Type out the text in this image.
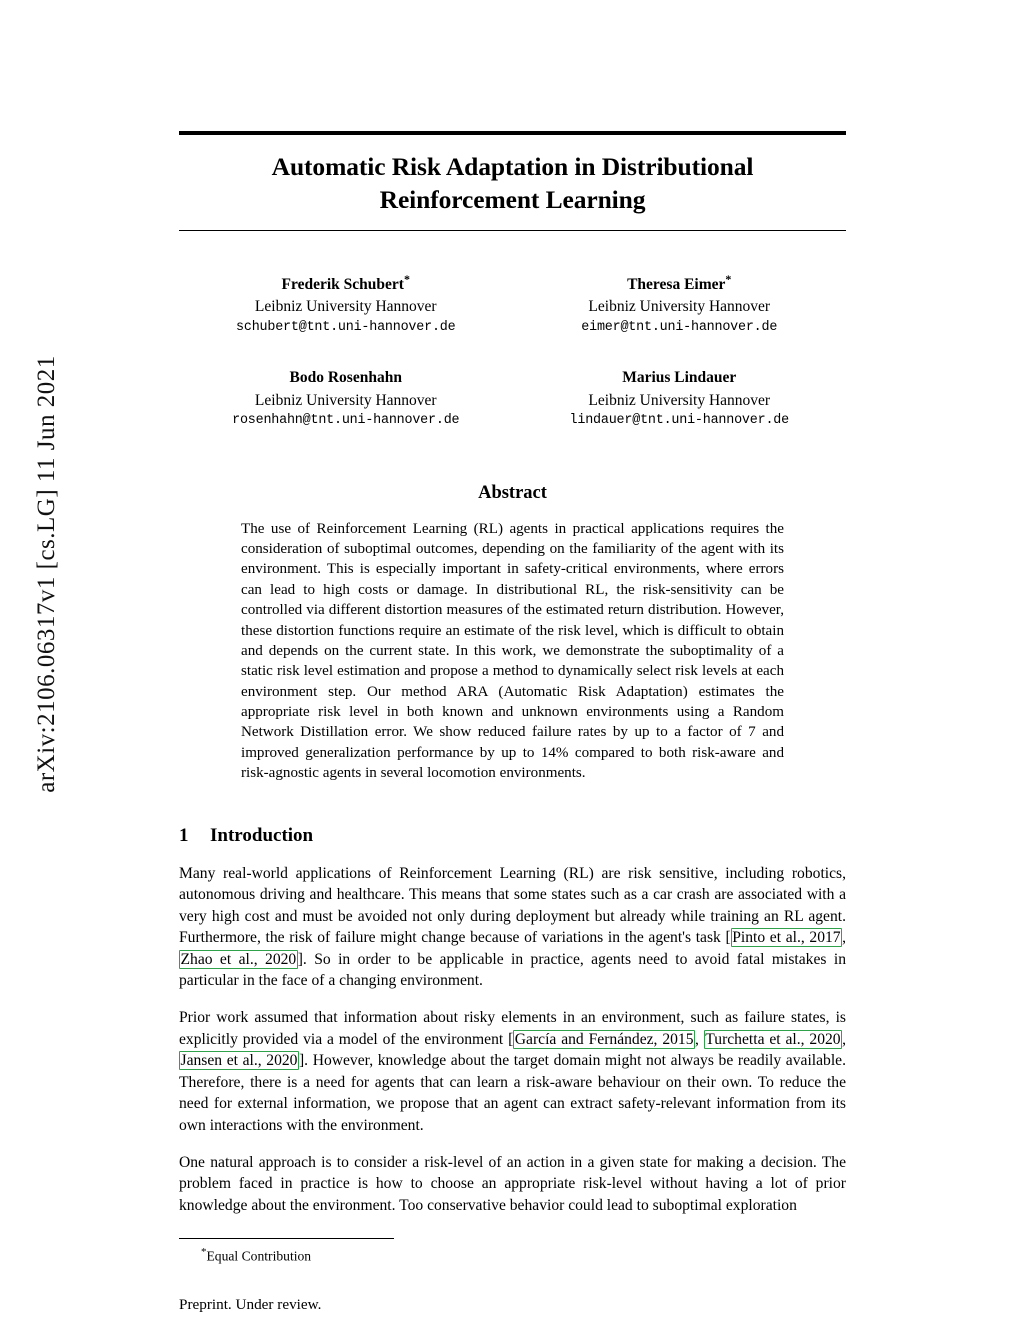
arXiv:2106.06317v1 [cs.LG] 11 Jun 2021
Automatic Risk Adaptation in Distributional Reinforcement Learning
Frederik Schubert*
Leibniz University Hannover
schubert@tnt.uni-hannover.de
Theresa Eimer*
Leibniz University Hannover
eimer@tnt.uni-hannover.de
Bodo Rosenhahn
Leibniz University Hannover
rosenhahn@tnt.uni-hannover.de
Marius Lindauer
Leibniz University Hannover
lindauer@tnt.uni-hannover.de
Abstract
The use of Reinforcement Learning (RL) agents in practical applications requires the consideration of suboptimal outcomes, depending on the familiarity of the agent with its environment. This is especially important in safety-critical environments, where errors can lead to high costs or damage. In distributional RL, the risk-sensitivity can be controlled via different distortion measures of the estimated return distribution. However, these distortion functions require an estimate of the risk level, which is difficult to obtain and depends on the current state. In this work, we demonstrate the suboptimality of a static risk level estimation and propose a method to dynamically select risk levels at each environment step. Our method ARA (Automatic Risk Adaptation) estimates the appropriate risk level in both known and unknown environments using a Random Network Distillation error. We show reduced failure rates by up to a factor of 7 and improved generalization performance by up to 14% compared to both risk-aware and risk-agnostic agents in several locomotion environments.
1 Introduction

Many real-world applications of Reinforcement Learning (RL) are risk sensitive, including robotics, autonomous driving and healthcare. This means that some states such as a car crash are associated with a very high cost and must be avoided not only during deployment but already while training an RL agent. Furthermore, the risk of failure might change because of variations in the agent's task [Pinto et al., 2017, Zhao et al., 2020]. So in order to be applicable in practice, agents need to avoid fatal mistakes in particular in the face of a changing environment.

Prior work assumed that information about risky elements in an environment, such as failure states, is explicitly provided via a model of the environment [García and Fernández, 2015, Turchetta et al., 2020, Jansen et al., 2020]. However, knowledge about the target domain might not always be readily available. Therefore, there is a need for agents that can learn a risk-aware behaviour on their own. To reduce the need for external information, we propose that an agent can extract safety-relevant information from its own interactions with the environment.

One natural approach is to consider a risk-level of an action in a given state for making a decision. The problem faced in practice is how to choose an appropriate risk-level without having a lot of prior knowledge about the environment. Too conservative behavior could lead to suboptimal exploration

*Equal Contribution
Preprint. Under review.
